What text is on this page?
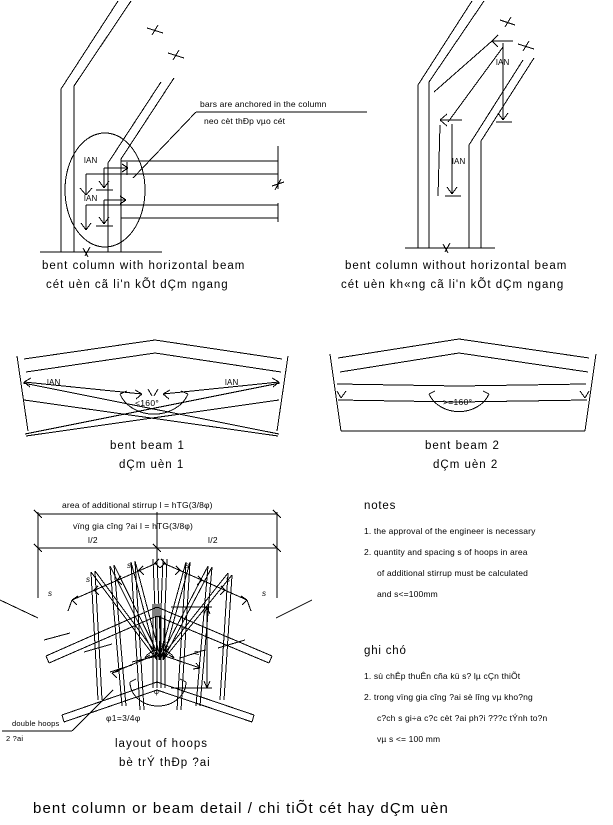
bars are anchored in the column
neo cèt thÐp vµo cét
lAN
lAN
bent column with horizontal beam
cét uèn cã li'n kÕt dÇm ngang
lAN
lAN
bent column without horizontal beam
cét uèn kh«ng cã li'n kÕt dÇm ngang
lAN	lAN
<160°
bent beam 1
dÇm uèn 1
>=160°
bent beam 2
dÇm uèn 2
area of additional stirrup l = hTG(3/8φ)
vïng gia cîng ?ai l = hTG(3/8φ)
l/2	l/2
s
s
s	s
s
s
h
φ1
φ
φ1=3/4φ
double hoops
2 ?ai	layout of hoops
bè trÝ thÐp ?ai
notes
1. the approval of the engineer is necessary
2. quantity and spacing s of hoops in area
of additional stirrup must be calculated
and s<=100mm
ghi chó
1. sù chÊp thuÊn cña kü s? lµ cÇn thiÕt
2. trong vïng gia cîng ?ai sè lîng vµ kho?ng
c?ch s gi÷a c?c cèt ?ai ph?i ???c tÝnh to?n
vµ s <= 100 mm
bent column or beam detail / chi tiÕt cét hay dÇm uèn
